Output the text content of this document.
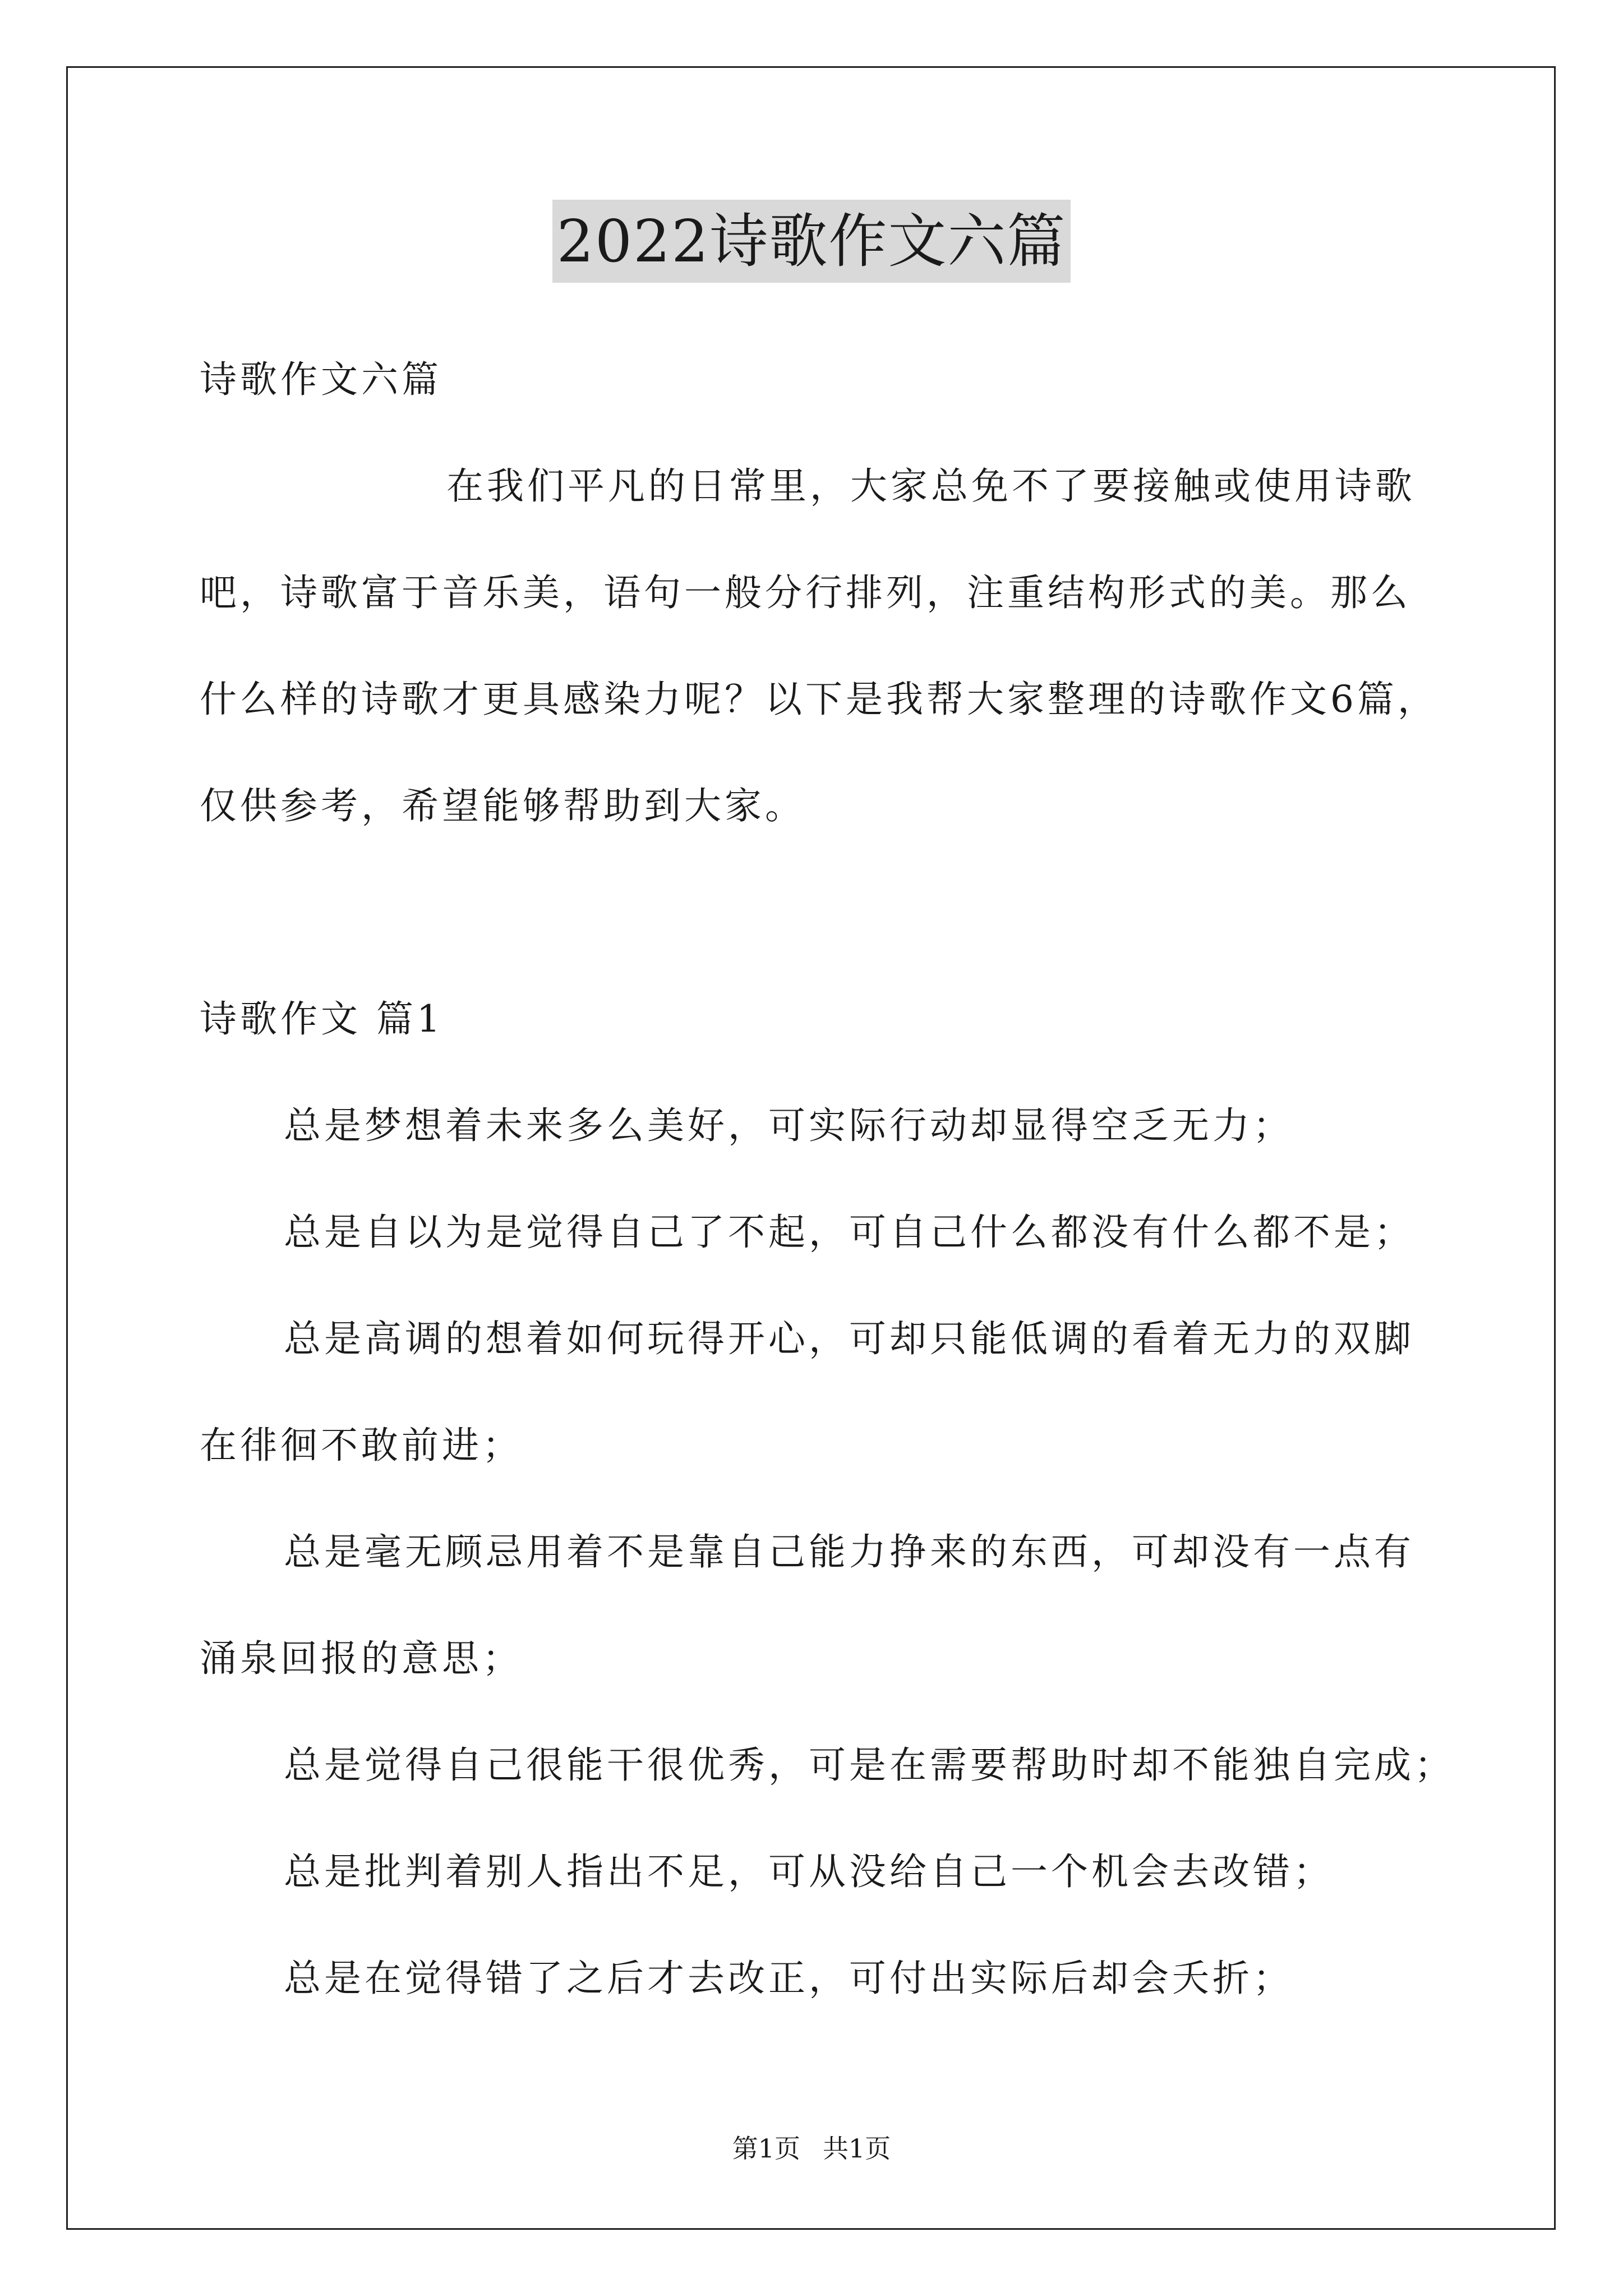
2022诗歌作文六篇
诗歌作文六篇
在我们平凡的日常里，大家总免不了要接触或使用诗歌
吧，诗歌富于音乐美，语句一般分行排列，注重结构形式的美。那么
什么样的诗歌才更具感染力呢？以下是我帮大家整理的诗歌作文6篇，
仅供参考，希望能够帮助到大家。
诗歌作文 篇1
总是梦想着未来多么美好，可实际行动却显得空乏无力；
总是自以为是觉得自己了不起，可自己什么都没有什么都不是；
总是高调的想着如何玩得开心，可却只能低调的看着无力的双脚
在徘徊不敢前进；
总是毫无顾忌用着不是靠自己能力挣来的东西，可却没有一点有
涌泉回报的意思；
总是觉得自己很能干很优秀，可是在需要帮助时却不能独自完成；
总是批判着别人指出不足，可从没给自己一个机会去改错；
总是在觉得错了之后才去改正，可付出实际后却会夭折；
第1页 共1页
